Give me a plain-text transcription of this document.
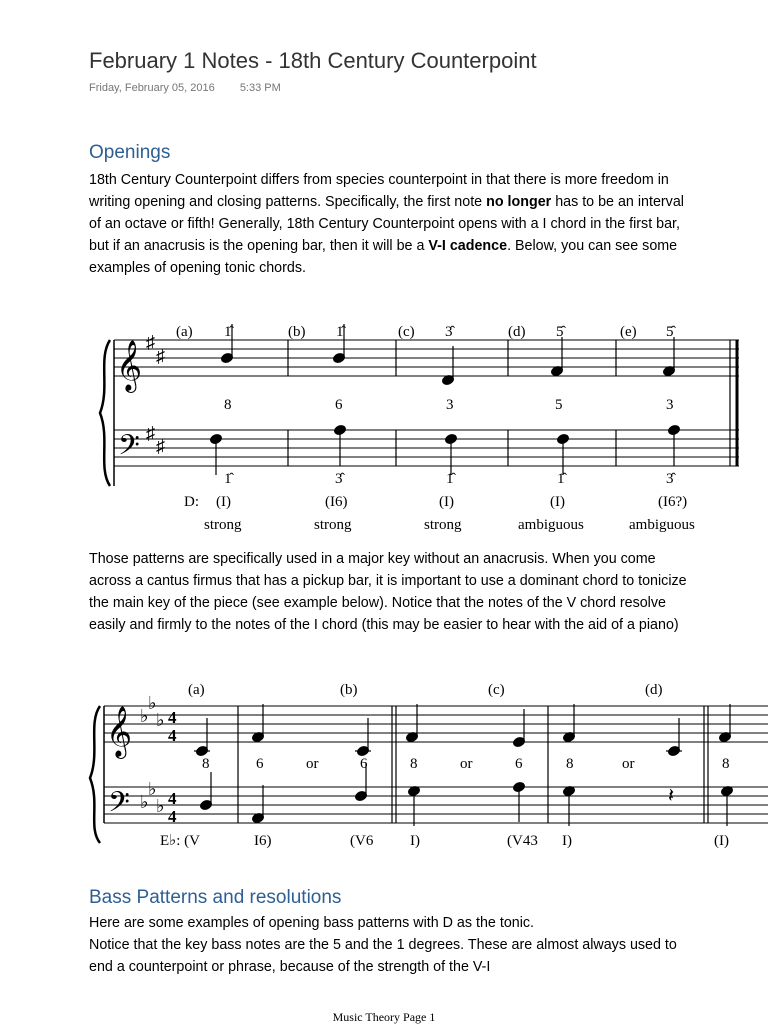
February 1 Notes - 18th Century Counterpoint
Friday, February 05, 2016 5:33 PM
Openings
18th Century Counterpoint differs from species counterpoint in that there is more freedom in writing opening and closing patterns. Specifically, the first note no longer has to be an interval of an octave or fifth! Generally, 18th Century Counterpoint opens with a I chord in the first bar, but if an anacrusis is the opening bar, then it will be a V-I cadence. Below, you can see some examples of opening tonic chords.
𝄞
𝄢
♯
♯
♯
♯
(a)	(b)	(c)	(d)	(e)
1̂	1̂	3̂	5̂	5̂
8	6	3	5	3
1̂	3̂	1̂	1̂	3̂
D: (I)	(I6)	(I)	(I)	(I6?)
strong	strong	strong	ambiguous	ambiguous
Those patterns are specifically used in a major key without an anacrusis. When you come across a cantus firmus that has a pickup bar, it is important to use a dominant chord to tonicize the main key of the piece (see example below). Notice that the notes of the V chord resolve easily and firmly to the notes of the I chord (this may be easier to hear with the aid of a piano)
𝄞
𝄢
♭
♭
♭
♭
♭
♭
4
4
4
4
𝄽
(a)	(b)	(c)	(d)
8	6	or	6	8	or	6	8	or	8
E♭: (V	I6)	(V6 I)	(V43 I)	(I)
Bass Patterns and resolutions
Here are some examples of opening bass patterns with D as the tonic.
Notice that the key bass notes are the 5 and the 1 degrees. These are almost always used to end a counterpoint or phrase, because of the strength of the V-I
Music Theory Page 1
